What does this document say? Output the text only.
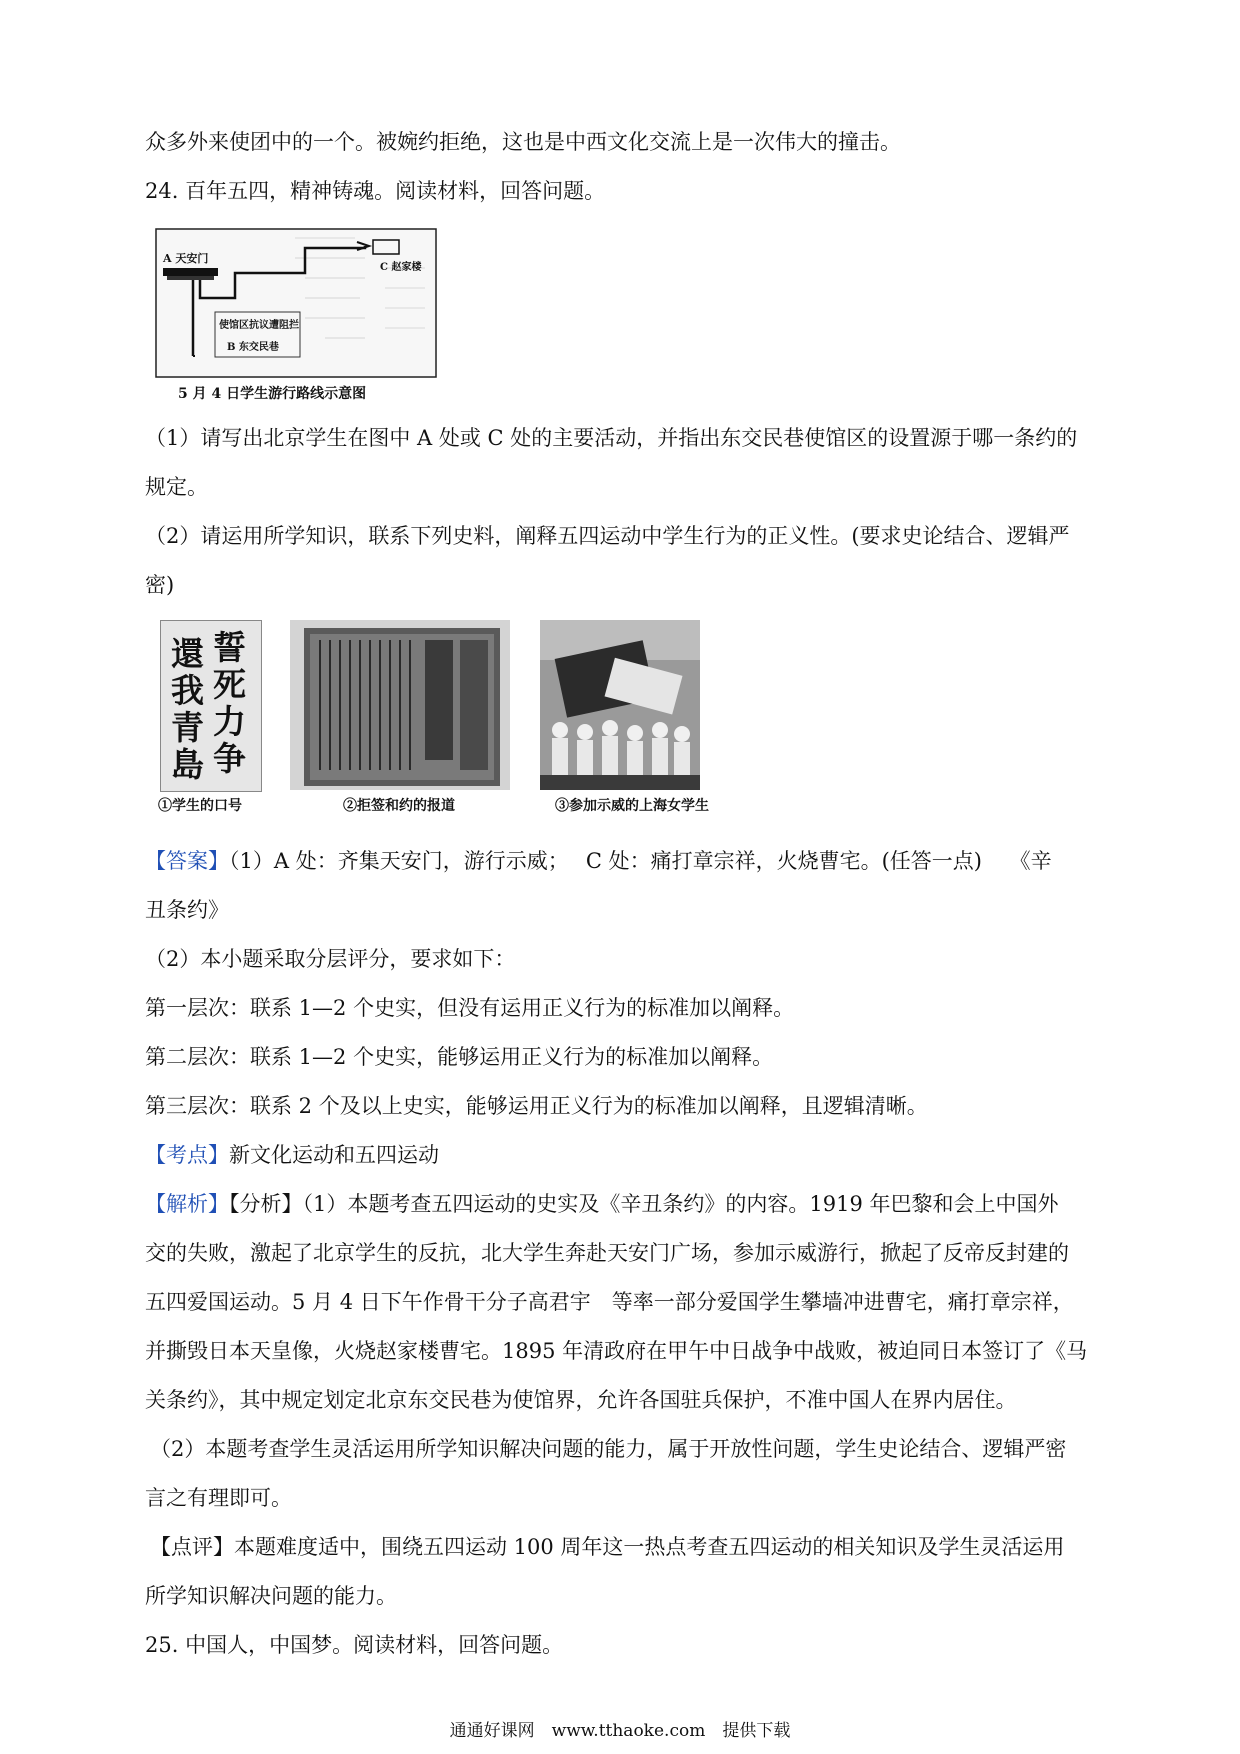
众多外来使团中的一个。被婉约拒绝，这也是中西文化交流上是一次伟大的撞击。
24. 百年五四，精神铸魂。阅读材料，回答问题。
A 天安门
C 赵家楼
使馆区抗议遭阻拦
B 东交民巷
5 月 4 日学生游行路线示意图
（1）请写出北京学生在图中 A 处或 C 处的主要活动，并指出东交民巷使馆区的设置源于哪一条约的
规定。
（2）请运用所学知识，联系下列史料，阐释五四运动中学生行为的正义性。(要求史论结合、逻辑严
密)
誓
死
力
争
還
我
青
島
①学生的口号	②拒签和约的报道	③参加示威的上海女学生
【答案】（1）A 处：齐集天安门，游行示威；　 C 处：痛打章宗祥，火烧曹宅。(任答一点)　 《辛
丑条约》
（2）本小题采取分层评分，要求如下：
第一层次：联系 1—2 个史实，但没有运用正义行为的标准加以阐释。
第二层次：联系 1—2 个史实，能够运用正义行为的标准加以阐释。
第三层次：联系 2 个及以上史实，能够运用正义行为的标准加以阐释，且逻辑清晰。
【考点】新文化运动和五四运动
【解析】【分析】（1）本题考查五四运动的史实及《辛丑条约》的内容。1919 年巴黎和会上中国外
交的失败，激起了北京学生的反抗，北大学生奔赴天安门广场，参加示威游行，掀起了反帝反封建的
五四爱国运动。5 月 4 日下午作骨干分子高君宇　等率一部分爱国学生攀墙冲进曹宅，痛打章宗祥，
并撕毁日本天皇像，火烧赵家楼曹宅。1895 年清政府在甲午中日战争中战败，被迫同日本签订了《马
关条约》，其中规定划定北京东交民巷为使馆界，允许各国驻兵保护，不准中国人在界内居住。
（2）本题考查学生灵活运用所学知识解决问题的能力，属于开放性问题，学生史论结合、逻辑严密
言之有理即可。
【点评】本题难度适中，围绕五四运动 100 周年这一热点考查五四运动的相关知识及学生灵活运用
所学知识解决问题的能力。
25. 中国人，中国梦。阅读材料，回答问题。
通通好课网　www.tthaoke.com　提供下载
